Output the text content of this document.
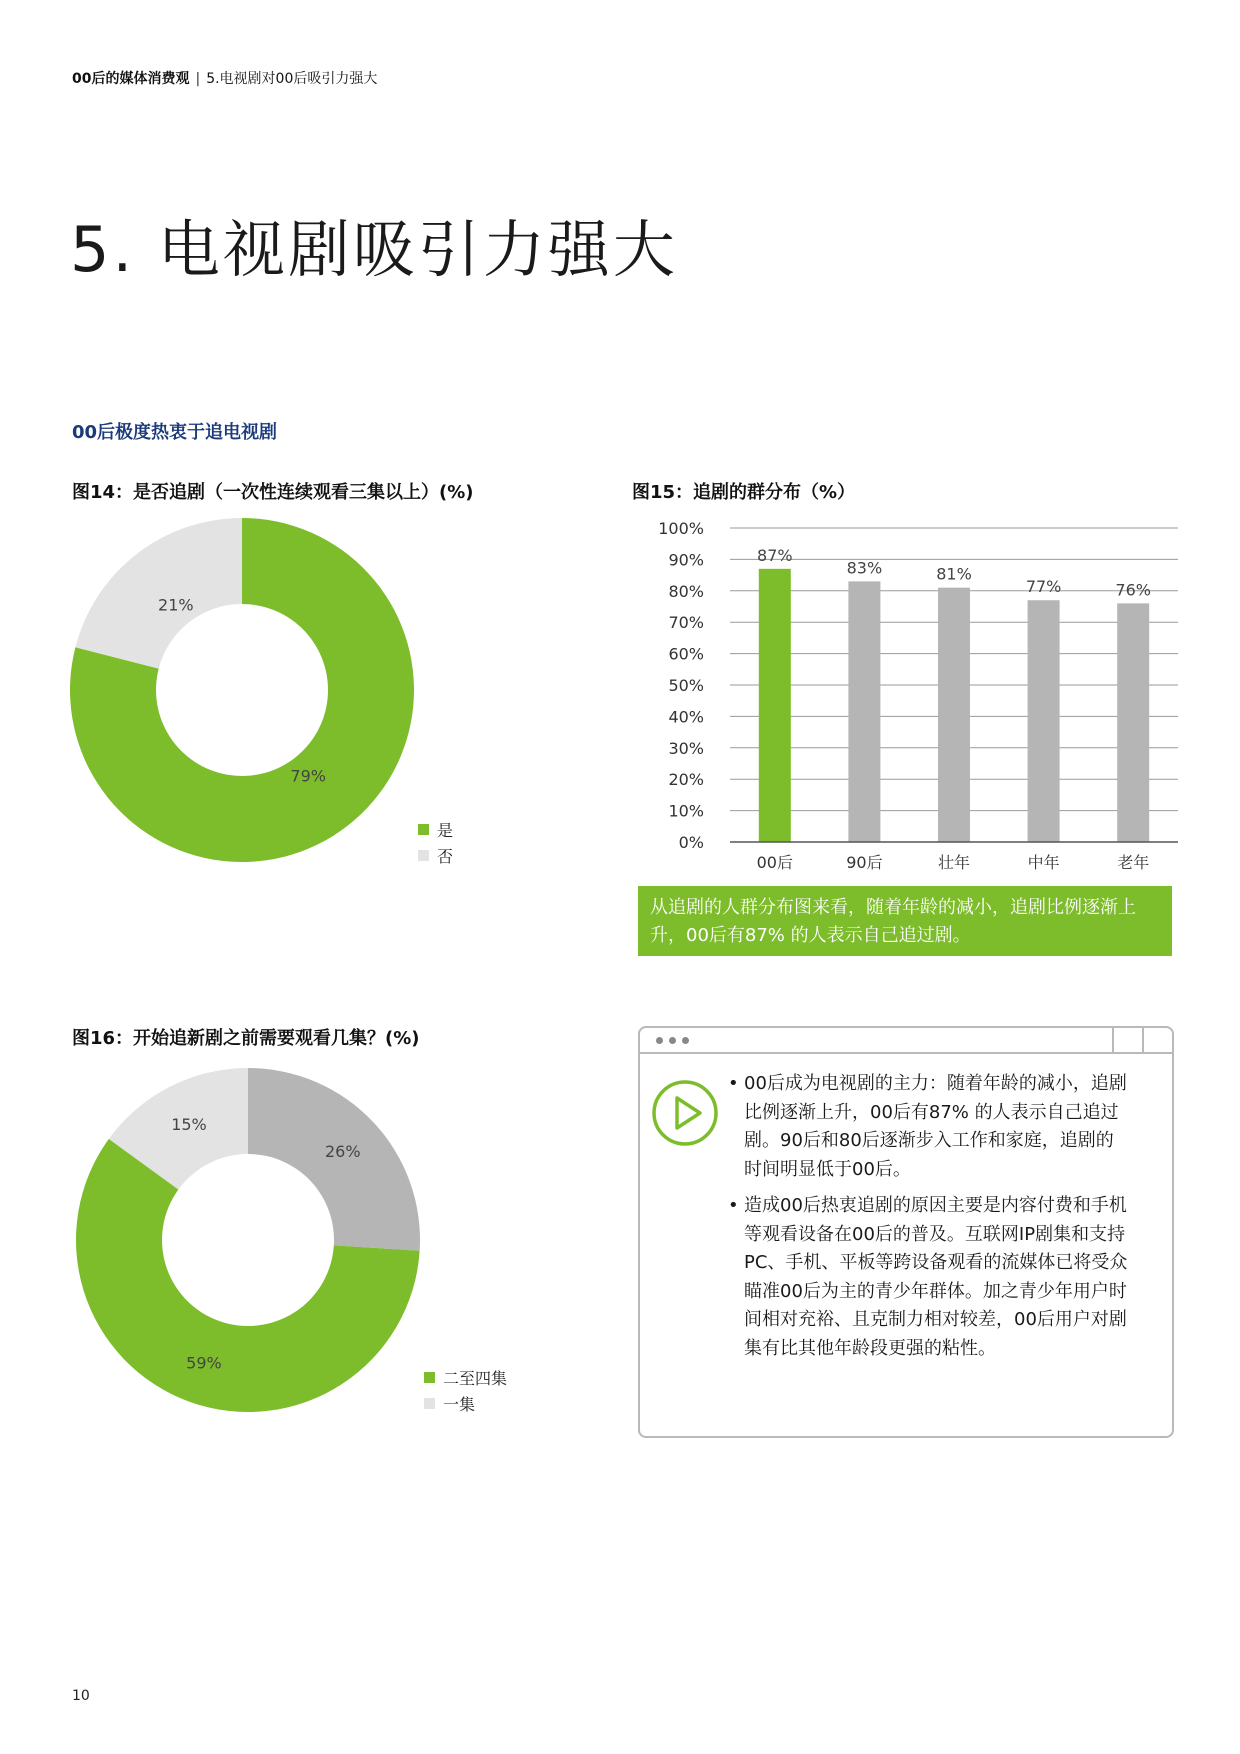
00后的媒体消费观 | 5.电视剧对00后吸引力强大
5. 电视剧吸引力强大
00后极度热衷于追电视剧
图14：是否追剧（一次性连续观看三集以上）(%)
79%
21%
是
否
图15：追剧的群分布（%）
0%
10%
20%
30%
40%
50%
60%
70%
80%
90%
100%
87%
00后
83%
90后
81%
壮年
77%
中年
76%
老年
从追剧的人群分布图来看，随着年龄的减小，追剧比例逐渐上升，00后有87% 的人表示自己追过剧。
图16：开始追新剧之前需要观看几集？(%)
26%
59%
15%
二至四集
一集
• 00后成为电视剧的主力：随着年龄的减小，追剧比例逐渐上升，00后有87% 的人表示自己追过剧。90后和80后逐渐步入工作和家庭，追剧的时间明显低于00后。
• 造成00后热衷追剧的原因主要是内容付费和手机等观看设备在00后的普及。互联网IP剧集和支持PC、手机、平板等跨设备观看的流媒体已将受众瞄准00后为主的青少年群体。加之青少年用户时间相对充裕、且克制力相对较差，00后用户对剧集有比其他年龄段更强的粘性。
10
